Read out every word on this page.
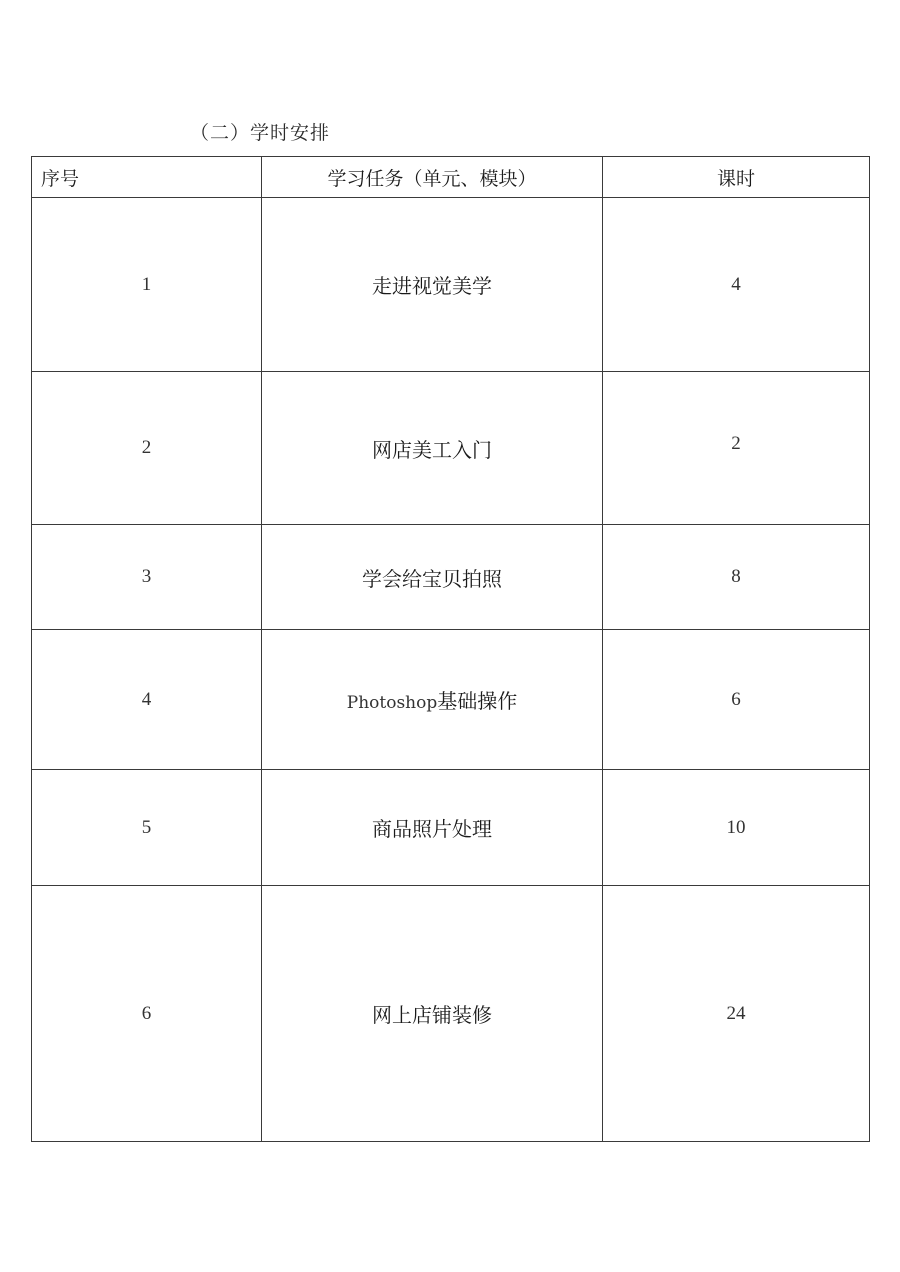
（二）学时安排
序号	学习任务（单元、模块）	课时
1	走进视觉美学	4
2	网店美工入门	2
3	学会给宝贝拍照	8
4	Photoshop基础操作	6
5	商品照片处理	10
6	网上店铺装修	24
